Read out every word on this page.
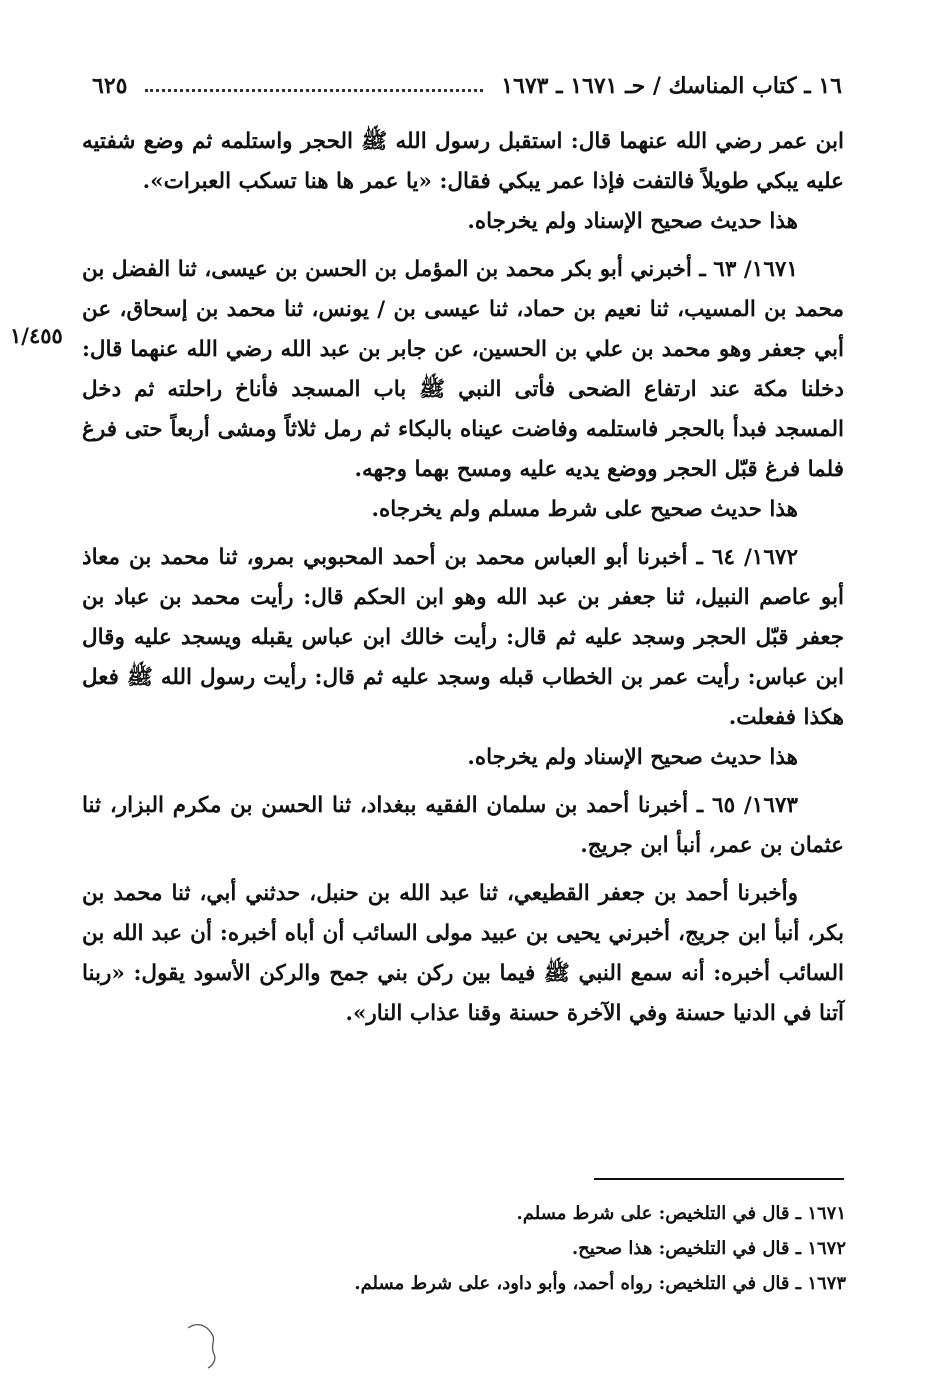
١٦ ـ كتاب المناسك / حـ ١٦٧١ ـ ١٦٧٣
٦٢٥
١/٤٥٥

ابن عمر رضي الله عنهما قال: استقبل رسول الله ﷺ الحجر واستلمه ثم وضع شفتيه عليه يبكي طويلاً فالتفت فإذا عمر يبكي فقال: «يا عمر ها هنا تسكب العبرات».

هذا حديث صحيح الإسناد ولم يخرجاه.

١٦٧١/ ٦٣ ـ أخبرني أبو بكر محمد بن المؤمل بن الحسن بن عيسى، ثنا الفضل بن محمد بن المسيب، ثنا نعيم بن حماد، ثنا عيسى بن / يونس، ثنا محمد بن إسحاق، عن أبي جعفر وهو محمد بن علي بن الحسين، عن جابر بن عبد الله رضي الله عنهما قال: دخلنا مكة عند ارتفاع الضحى فأتى النبي ﷺ باب المسجد فأناخ راحلته ثم دخل المسجد فبدأ بالحجر فاستلمه وفاضت عيناه بالبكاء ثم رمل ثلاثاً ومشى أربعاً حتى فرغ فلما فرغ قبّل الحجر ووضع يديه عليه ومسح بهما وجهه.

هذا حديث صحيح على شرط مسلم ولم يخرجاه.

١٦٧٢/ ٦٤ ـ أخبرنا أبو العباس محمد بن أحمد المحبوبي بمرو، ثنا محمد بن معاذ أبو عاصم النبيل، ثنا جعفر بن عبد الله وهو ابن الحكم قال: رأيت محمد بن عباد بن جعفر قبّل الحجر وسجد عليه ثم قال: رأيت خالك ابن عباس يقبله ويسجد عليه وقال ابن عباس: رأيت عمر بن الخطاب قبله وسجد عليه ثم قال: رأيت رسول الله ﷺ فعل هكذا ففعلت.

هذا حديث صحيح الإسناد ولم يخرجاه.

١٦٧٣/ ٦٥ ـ أخبرنا أحمد بن سلمان الفقيه ببغداد، ثنا الحسن بن مكرم البزار، ثنا عثمان بن عمر، أنبأ ابن جريج.

وأخبرنا أحمد بن جعفر القطيعي، ثنا عبد الله بن حنبل، حدثني أبي، ثنا محمد بن بكر، أنبأ ابن جريج، أخبرني يحيى بن عبيد مولى السائب أن أباه أخبره: أن عبد الله بن السائب أخبره: أنه سمع النبي ﷺ فيما بين ركن بني جمح والركن الأسود يقول: «ربنا آتنا في الدنيا حسنة وفي الآخرة حسنة وقنا عذاب النار».

١٦٧١ ـ قال في التلخيص: على شرط مسلم.

١٦٧٢ ـ قال في التلخيص: هذا صحيح.

١٦٧٣ ـ قال في التلخيص: رواه أحمد، وأبو داود، على شرط مسلم.
